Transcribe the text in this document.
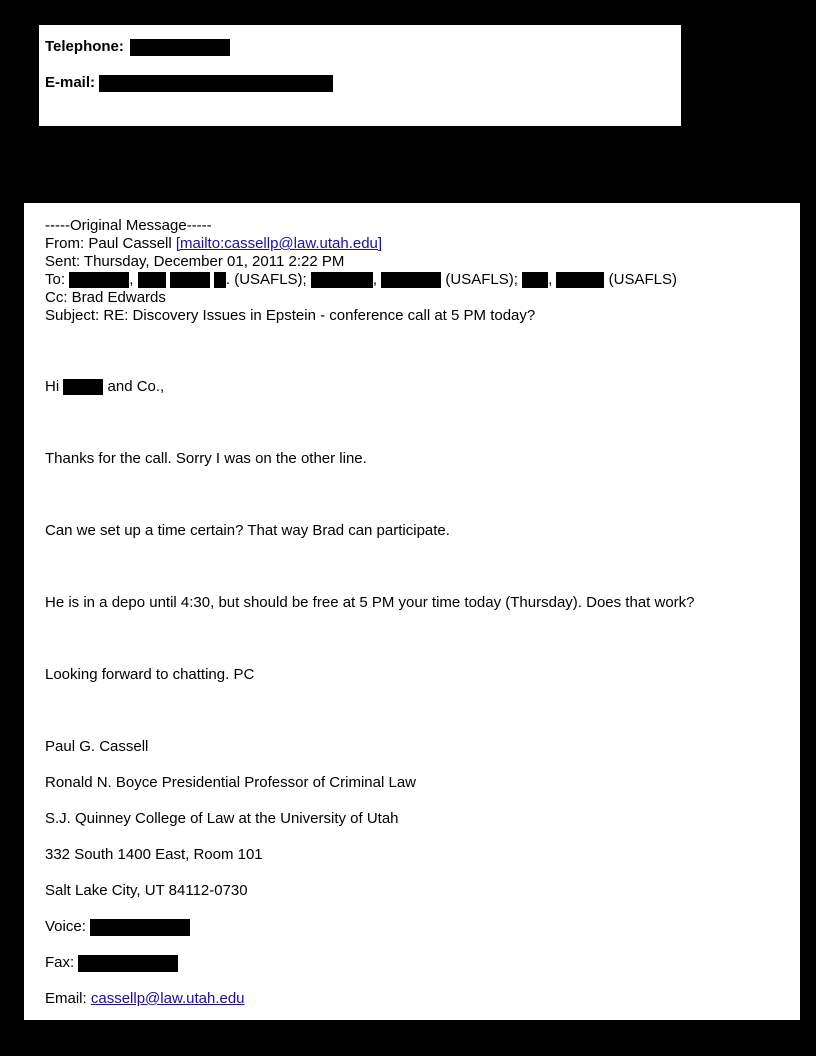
Telephone:
E-mail:
-----Original Message-----
From: Paul Cassell [mailto:cassellp@law.utah.edu]
Sent: Thursday, December 01, 2011 2:22 PM
To:	,	. (USAFLS);	,	(USAFLS); ,	(USAFLS)
Cc: Brad Edwards
Subject: RE: Discovery Issues in Epstein - conference call at 5 PM today?
Hi	and Co.,
Thanks for the call. Sorry I was on the other line.
Can we set up a time certain? That way Brad can participate.
He is in a depo until 4:30, but should be free at 5 PM your time today (Thursday). Does that work?
Looking forward to chatting. PC
Paul G. Cassell
Ronald N. Boyce Presidential Professor of Criminal Law
S.J. Quinney College of Law at the University of Utah
332 South 1400 East, Room 101
Salt Lake City, UT 84112-0730
Voice:
Fax:
Email: cassellp@law.utah.edu
